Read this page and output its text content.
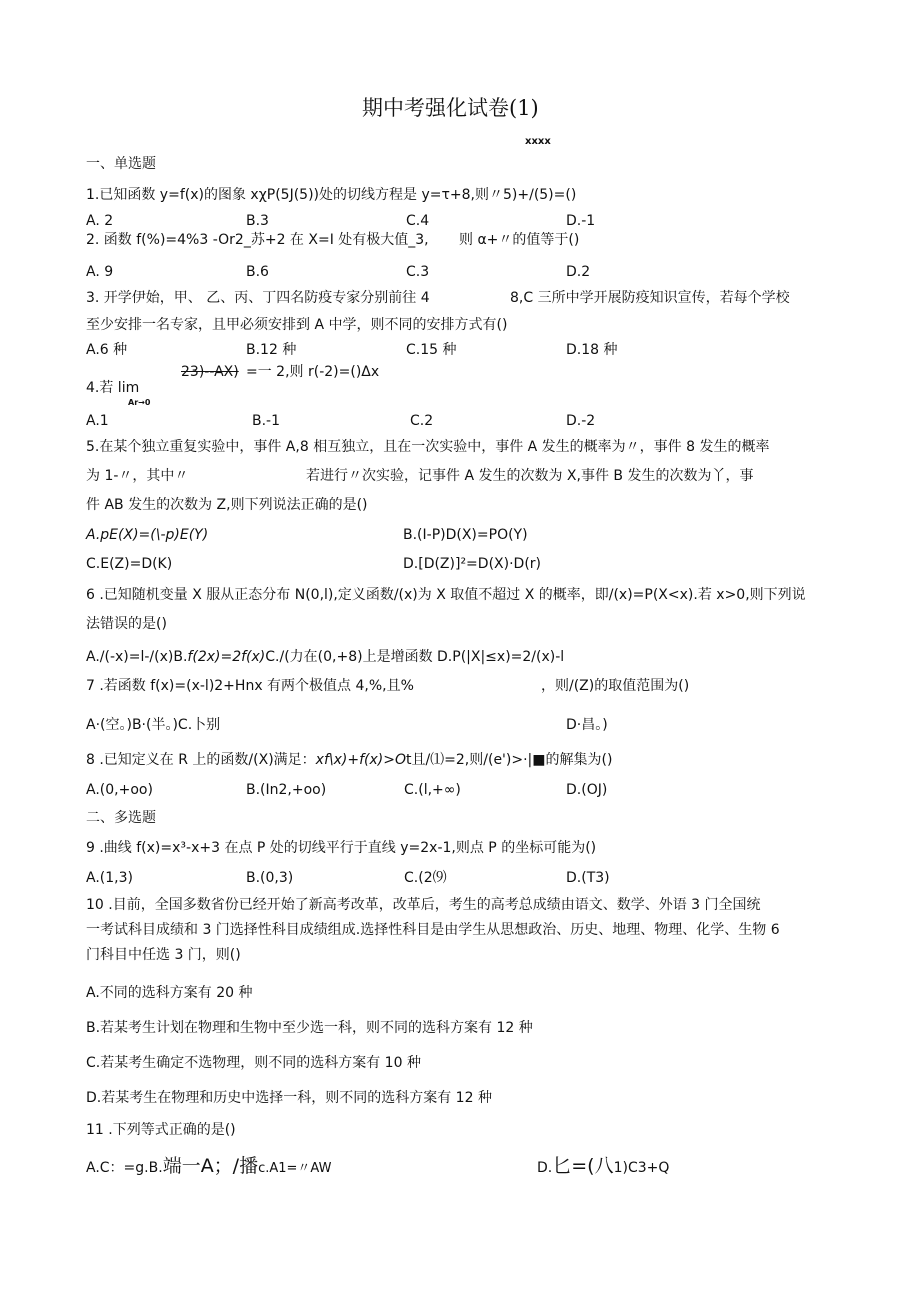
期中考强化试卷(1)
xxxx
一、单选题
1.已知函数 y=f(x)的图象 xχP(5J(5))处的切线方程是 y=τ+8,则〃5)+/(5)=()
A. 2	B.3	C.4	D.-1
2. 函数 f(%)=4%3 -Or2_苏+2 在 X=I 处有极大值_3, 则 α+〃的值等于()
A. 9	B.6	C.3	D.2
3. 开学伊始，甲、 乙、丙、丁四名防疫专家分别前往 4	8,C 三所中学开展防疫知识宣传，若每个学校
至少安排一名专家，且甲必须安排到 A 中学，则不同的安排方式有()
A.6 种	B.12 种	C.15 种	D.18 种
23)--AX) =一 2,则 r(-2)=()Δx
4.若 lim
Ar→0
A.1	B.-1	C.2	D.-2
5.在某个独立重复实验中，事件 A,8 相互独立，且在一次实验中，事件 A 发生的概率为〃，事件 8 发生的概率
为 1-〃，其中〃	若进行〃次实验，记事件 A 发生的次数为 X,事件 B 发生的次数为丫，事
件 AB 发生的次数为 Z,则下列说法正确的是()
A.pE(X)=(\-p)E(Y)	B.(I-P)D(X)=PO(Y)
C.E(Z)=D(K)	D.[D(Z)]²=D(X)·D(r)
6 .已知随机变量 X 服从正态分布 N(0,l),定义函数/(x)为 X 取值不超过 X 的概率，即/(x)=P(X<x).若 x>0,则下列说
法错误的是()
A./(-x)=l-/(x)B.f(2x)=2f(x)C./(力在(0,+8)上是增函数 D.P(|X|≤x)=2/(x)-l
7 .若函数 f(x)=(x-l)2+Hnx 有两个极值点 4,%,且%	，则/(Z)的取值范围为()
A·(空。)B·(半。)C.卜别	D·昌。)
8 .已知定义在 R 上的函数/(X)满足：xf\x)+f(x)>Ot且/⑴=2,则/(e')>·|■的解集为()
A.(0,+oo)	B.(In2,+oo)	C.(l,+∞)	D.(OJ)
二、多选题
9 .曲线 f(x)=x³-x+3 在点 P 处的切线平行于直线 y=2x-1,则点 P 的坐标可能为()
A.(1,3)	B.(0,3)	C.(2⑼	D.(T3)
10 .目前，全国多数省份已经开始了新高考改革，改革后，考生的高考总成绩由语文、数学、外语 3 门全国统
一考试科目成绩和 3 门选择性科目成绩组成.选择性科目是由学生从思想政治、历史、地理、物理、化学、生物 6
门科目中任选 3 门，则()
A.不同的选科方案有 20 种
B.若某考生计划在物理和生物中至少选一科，则不同的选科方案有 12 种
C.若某考生确定不选物理，则不同的选科方案有 10 种
D.若某考生在物理和历史中选择一科，则不同的选科方案有 12 种
11 .下列等式正确的是()
A.C：=g.B.端一A；/播c.A1=〃AW	D.匕=(八1)C3+Q
